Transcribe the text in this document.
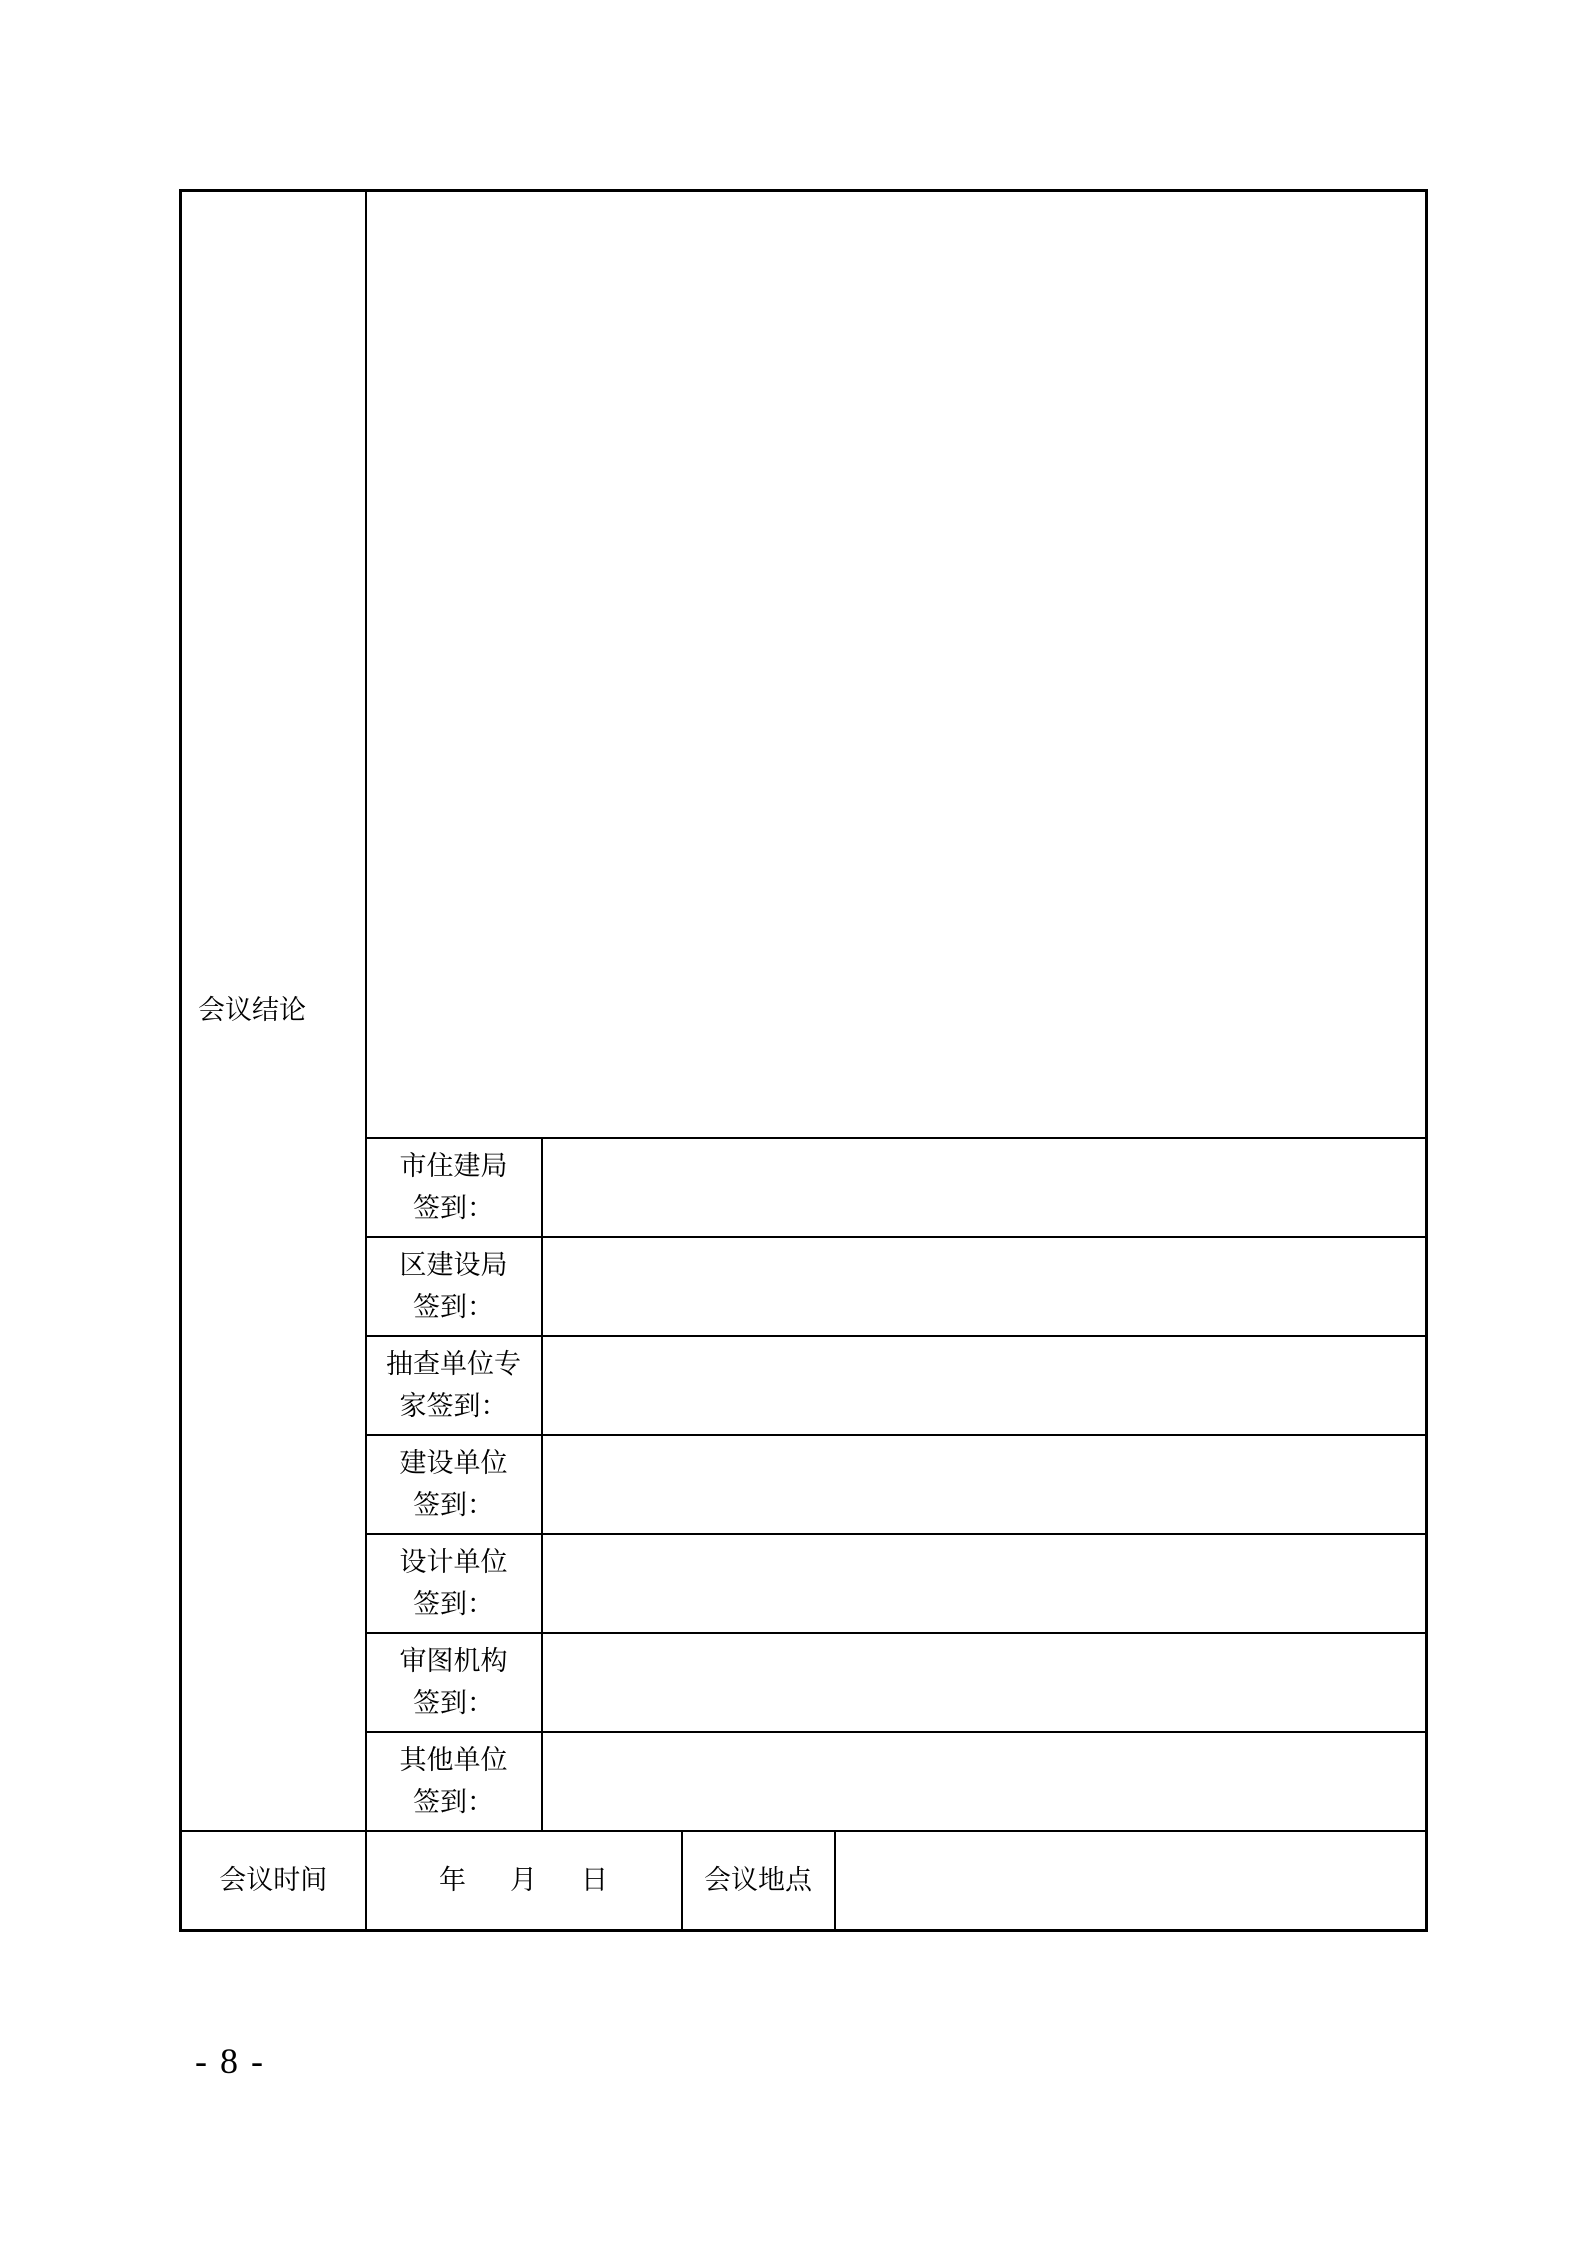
会议结论				

	市住建局
签到：			

	区建设局
签到：			

	抽查单位专
家签到：			

	建设单位
签到：			

	设计单位
签到：			

	审图机构
签到：			

	其他单位
签到：			

会议时间	年 月 日		会议地点	
- 8 -
